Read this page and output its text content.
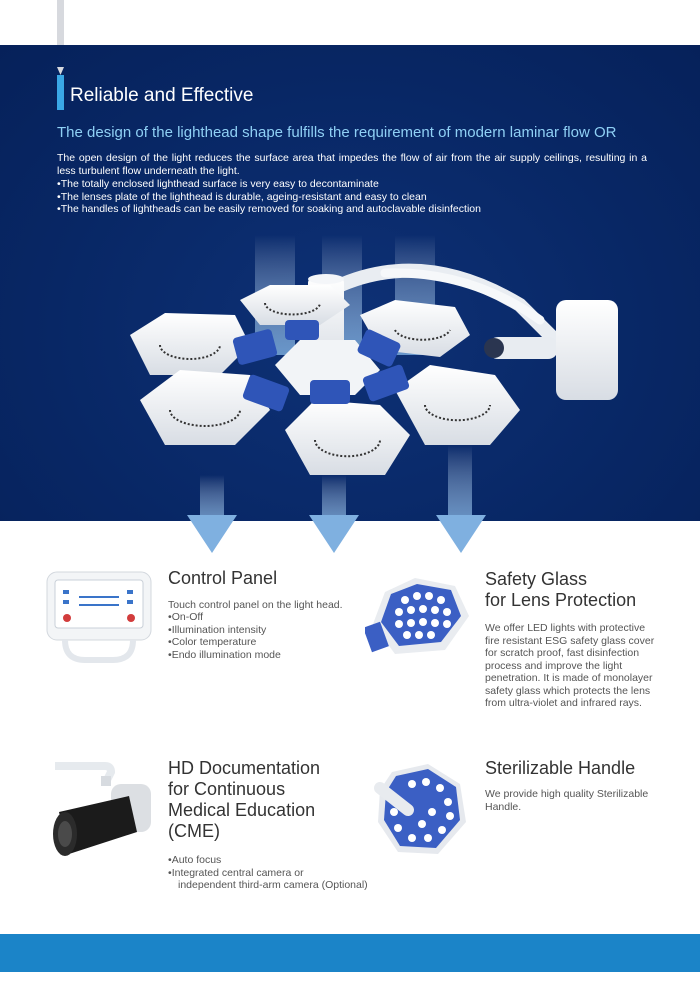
Reliable and Effective
The design of the lighthead shape fulfills the requirement of modern laminar flow OR
The open design of the light reduces the surface area that impedes the flow of air from the air supply ceilings, resulting in a less turbulent flow underneath the light.
• The totally enclosed lighthead surface is very easy to decontaminate
• The lenses plate of the lighthead is durable, ageing-resistant and easy to clean
• The handles of lightheads can be easily removed for soaking and autoclavable disinfection
Control Panel
Touch control panel on the light head.
• On-Off
• Illumination intensity
• Color temperature
• Endo illumination mode
Safety Glass
for Lens Protection
We offer LED lights with protective fire resistant ESG safety glass cover for scratch proof, fast disinfection process and improve the light penetration. It is made of monolayer safety glass which protects the lens from ultra-violet and infrared rays.
HD Documentation
for Continuous
Medical Education
(CME)
• Auto focus
• Integrated central camera or
independent third-arm camera (Optional)
Sterilizable Handle
We provide high quality Sterilizable Handle.
